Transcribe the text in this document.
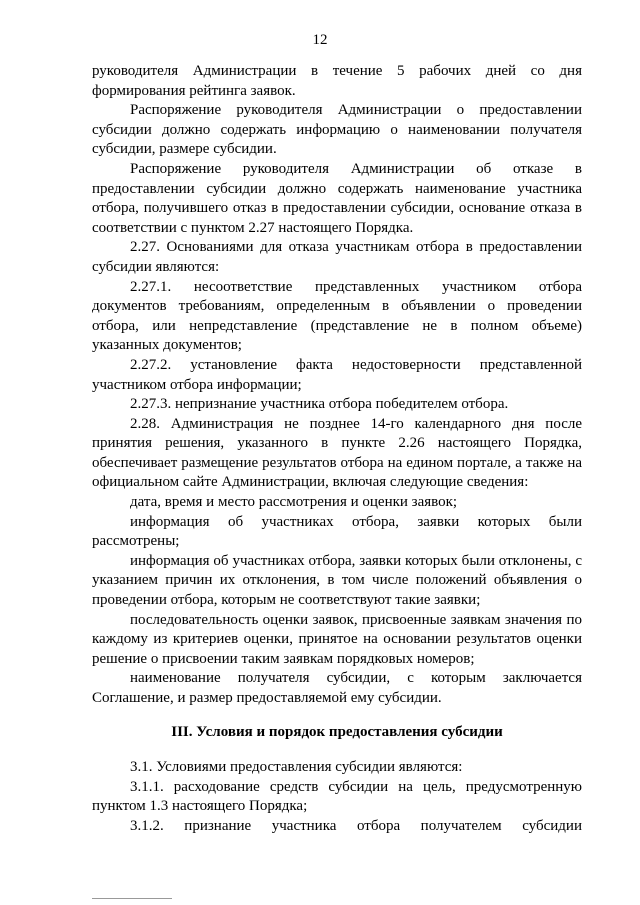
12

руководителя Администрации в течение 5 рабочих дней со дня формирования рейтинга заявок.

Распоряжение руководителя Администрации о предоставлении субсидии должно содержать информацию о наименовании получателя субсидии, размере субсидии.

Распоряжение руководителя Администрации об отказе в предоставлении субсидии должно содержать наименование участника отбора, получившего отказ в предоставлении субсидии, основание отказа в соответствии с пунктом 2.27 настоящего Порядка.

2.27. Основаниями для отказа участникам отбора в предоставлении субсидии являются:

2.27.1. несоответствие представленных участником отбора документов требованиям, определенным в объявлении о проведении отбора, или непредставление (представление не в полном объеме) указанных документов;

2.27.2. установление факта недостоверности представленной участником отбора информации;

2.27.3. непризнание участника отбора победителем отбора.

2.28. Администрация не позднее 14-го календарного дня после принятия решения, указанного в пункте 2.26 настоящего Порядка, обеспечивает размещение результатов отбора на едином портале, а также на официальном сайте Администрации, включая следующие сведения:

дата, время и место рассмотрения и оценки заявок;

информация об участниках отбора, заявки которых были рассмотрены;

информация об участниках отбора, заявки которых были отклонены, с указанием причин их отклонения, в том числе положений объявления о проведении отбора, которым не соответствуют такие заявки;

последовательность оценки заявок, присвоенные заявкам значения по каждому из критериев оценки, принятое на основании результатов оценки решение о присвоении таким заявкам порядковых номеров;

наименование получателя субсидии, с которым заключается Соглашение, и размер предоставляемой ему субсидии.

III. Условия и порядок предоставления субсидии

3.1. Условиями предоставления субсидии являются:

3.1.1. расходование средств субсидии на цель, предусмотренную пунктом 1.3 настоящего Порядка;

3.1.2. признание участника отбора получателем субсидии
